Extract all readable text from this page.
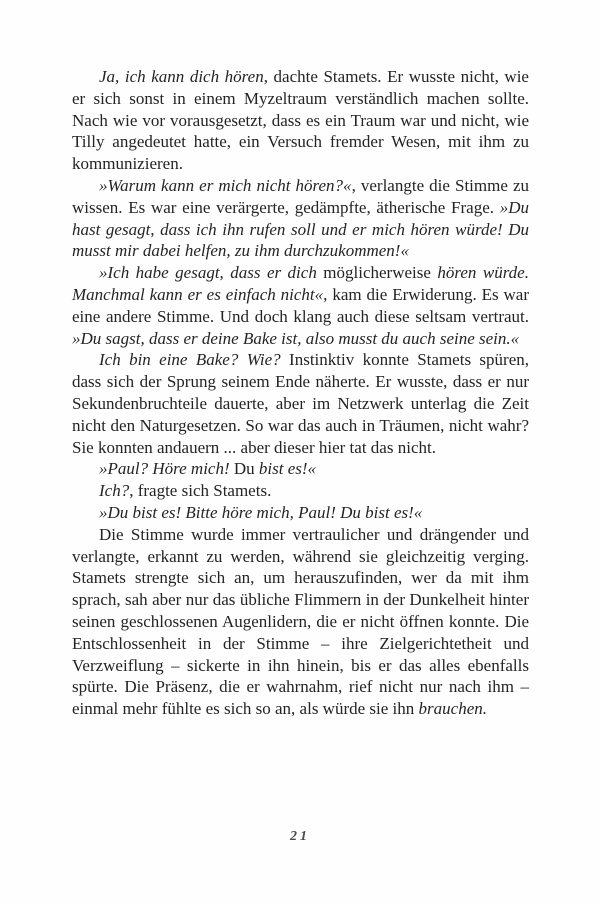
Ja, ich kann dich hören, dachte Stamets. Er wusste nicht, wie er sich sonst in einem Myzeltraum verständlich machen sollte. Nach wie vor vorausgesetzt, dass es ein Traum war und nicht, wie Tilly angedeutet hatte, ein Versuch fremder Wesen, mit ihm zu kommunizieren.

»Warum kann er mich nicht hören?«, verlangte die Stimme zu wissen. Es war eine verärgerte, gedämpfte, ätherische Frage. »Du hast gesagt, dass ich ihn rufen soll und er mich hören würde! Du musst mir dabei helfen, zu ihm durchzukommen!«

»Ich habe gesagt, dass er dich möglicherweise hören würde. Manchmal kann er es einfach nicht«, kam die Erwiderung. Es war eine andere Stimme. Und doch klang auch diese seltsam vertraut. »Du sagst, dass er deine Bake ist, also musst du auch seine sein.«

Ich bin eine Bake? Wie? Instinktiv konnte Stamets spüren, dass sich der Sprung seinem Ende näherte. Er wusste, dass er nur Sekundenbruchteile dauerte, aber im Netzwerk unterlag die Zeit nicht den Naturgesetzen. So war das auch in Träumen, nicht wahr? Sie konnten andauern ... aber dieser hier tat das nicht.

»Paul? Höre mich! Du bist es!«

Ich?, fragte sich Stamets.

»Du bist es! Bitte höre mich, Paul! Du bist es!«

Die Stimme wurde immer vertraulicher und drängender und verlangte, erkannt zu werden, während sie gleichzeitig verging. Stamets strengte sich an, um herauszufinden, wer da mit ihm sprach, sah aber nur das übliche Flimmern in der Dunkelheit hinter seinen geschlossenen Augenlidern, die er nicht öffnen konnte. Die Entschlossenheit in der Stimme – ihre Zielgerichtetheit und Verzweiflung – sickerte in ihn hinein, bis er das alles ebenfalls spürte. Die Präsenz, die er wahrnahm, rief nicht nur nach ihm – einmal mehr fühlte es sich so an, als würde sie ihn brauchen.

21
